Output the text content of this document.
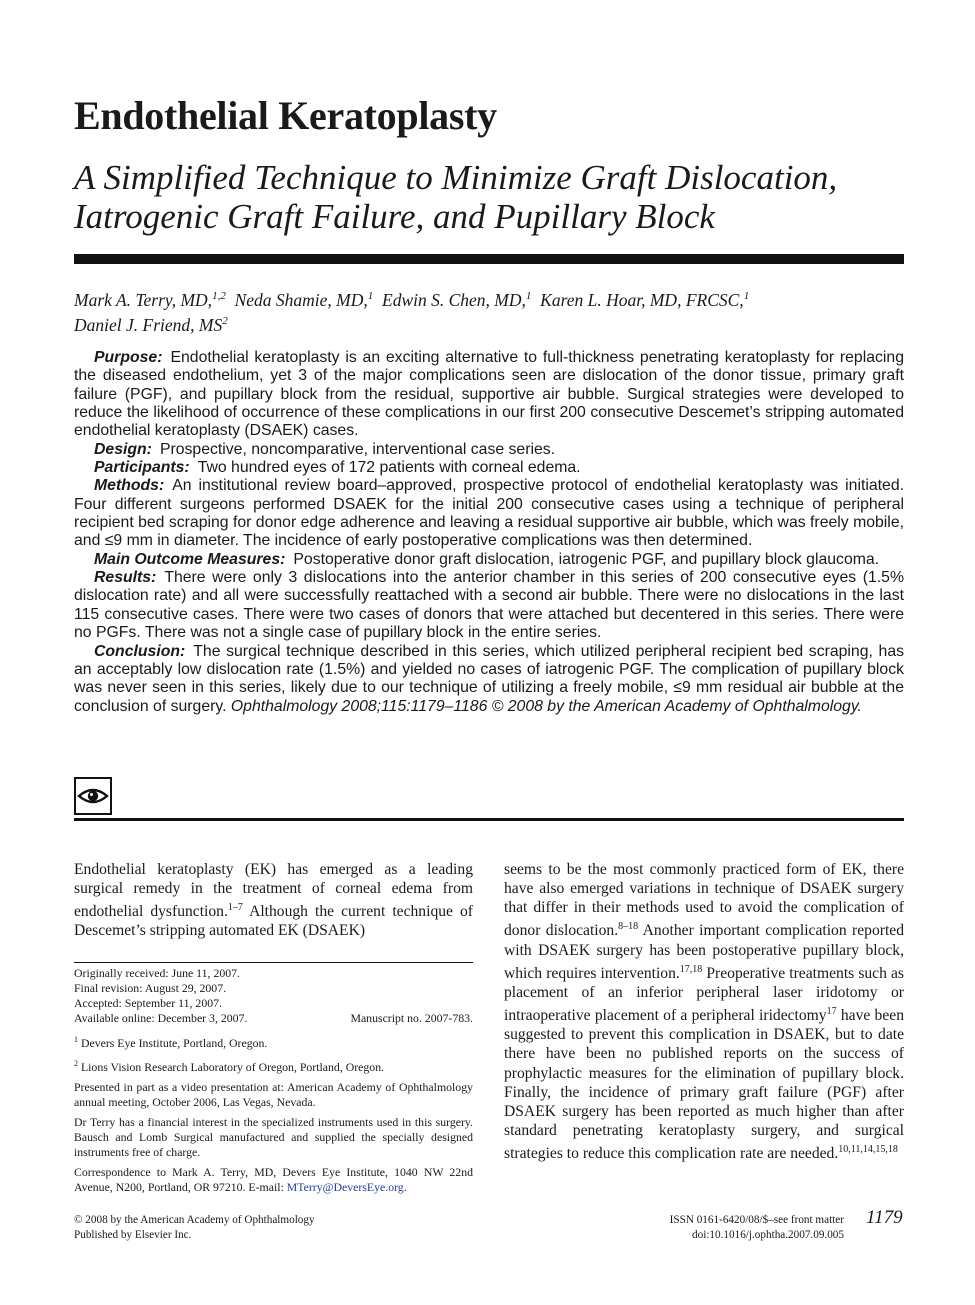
Endothelial Keratoplasty
A Simplified Technique to Minimize Graft Dislocation, Iatrogenic Graft Failure, and Pupillary Block
Mark A. Terry, MD,$^{1,2}$ Neda Shamie, MD,$^1$ Edwin S. Chen, MD,$^1$ Karen L. Hoar, MD, FRCSC,$^1$
Daniel J. Friend, $MS^2$

Purpose: Endothelial keratoplasty is an exciting alternative to full-thickness penetrating keratoplasty for replacing the diseased endothelium, yet 3 of the major complications seen are dislocation of the donor tissue, primary graft failure (PGF), and pupillary block from the residual, supportive air bubble. Surgical strategies were developed to reduce the likelihood of occurrence of these complications in our first 200 consecutive Descemet’s stripping automated endothelial keratoplasty (DSAEK) cases.

Design: Prospective, noncomparative, interventional case series.

Participants: Two hundred eyes of 172 patients with corneal edema.

Methods: An institutional review board–approved, prospective protocol of endothelial keratoplasty was initiated. Four different surgeons performed DSAEK for the initial 200 consecutive cases using a technique of peripheral recipient bed scraping for donor edge adherence and leaving a residual supportive air bubble, which was freely mobile, and ≤9 mm in diameter. The incidence of early postoperative complications was then determined.

Main Outcome Measures: Postoperative donor graft dislocation, iatrogenic PGF, and pupillary block glaucoma.

Results: There were only 3 dislocations into the anterior chamber in this series of 200 consecutive eyes (1.5% dislocation rate) and all were successfully reattached with a second air bubble. There were no dislocations in the last 115 consecutive cases. There were two cases of donors that were attached but decentered in this series. There were no PGFs. There was not a single case of pupillary block in the entire series.

Conclusion: The surgical technique described in this series, which utilized peripheral recipient bed scraping, has an acceptably low dislocation rate (1.5%) and yielded no cases of iatrogenic PGF. The complication of pupillary block was never seen in this series, likely due to our technique of utilizing a freely mobile, ≤9 mm residual air bubble at the conclusion of surgery. Ophthalmology 2008;115:1179–1186 © 2008 by the American Academy of Ophthalmology.

Endothelial keratoplasty (EK) has emerged as a leading surgical remedy in the treatment of corneal edema from endothelial dysfunction.$^{1-7}$ Although the current technique of Descemet’s stripping automated EK (DSAEK)

Originally received: June 11, 2007.

Final revision: August 29, 2007.

Accepted: September 11, 2007.

Available online: December 3, 2007.	Manuscript no. 2007-783.

$^1$ Devers Eye Institute, Portland, Oregon.

$^2$ Lions Vision Research Laboratory of Oregon, Portland, Oregon.

Presented in part as a video presentation at: American Academy of Ophthalmology annual meeting, October 2006, Las Vegas, Nevada.

Dr Terry has a financial interest in the specialized instruments used in this surgery. Bausch and Lomb Surgical manufactured and supplied the specially designed instruments free of charge.

Correspondence to Mark A. Terry, MD, Devers Eye Institute, 1040 NW 22nd Avenue, N200, Portland, OR 97210. E-mail: MTerry@DeversEye.org.

seems to be the most commonly practiced form of EK, there have also emerged variations in technique of DSAEK surgery that differ in their methods used to avoid the complication of donor dislocation.$^{8-18}$ Another important complication reported with DSAEK surgery has been postoperative pupillary block, which requires intervention.$^{17,18}$ Preoperative treatments such as placement of an inferior peripheral laser iridotomy or intraoperative placement of a peripheral iridectomy$^{17}$ have been suggested to prevent this complication in DSAEK, but to date there have been no published reports on the success of prophylactic measures for the elimination of pupillary block. Finally, the incidence of primary graft failure (PGF) after DSAEK surgery has been reported as much higher than after standard penetrating keratoplasty surgery, and surgical strategies to reduce this complication rate are needed.$^{10,11,14,15,18}$

© 2008 by the American Academy of Ophthalmology
Published by Elsevier Inc.
ISSN 0161-6420/08/$–see front matter
doi:10.1016/j.ophtha.2007.09.005
1179
